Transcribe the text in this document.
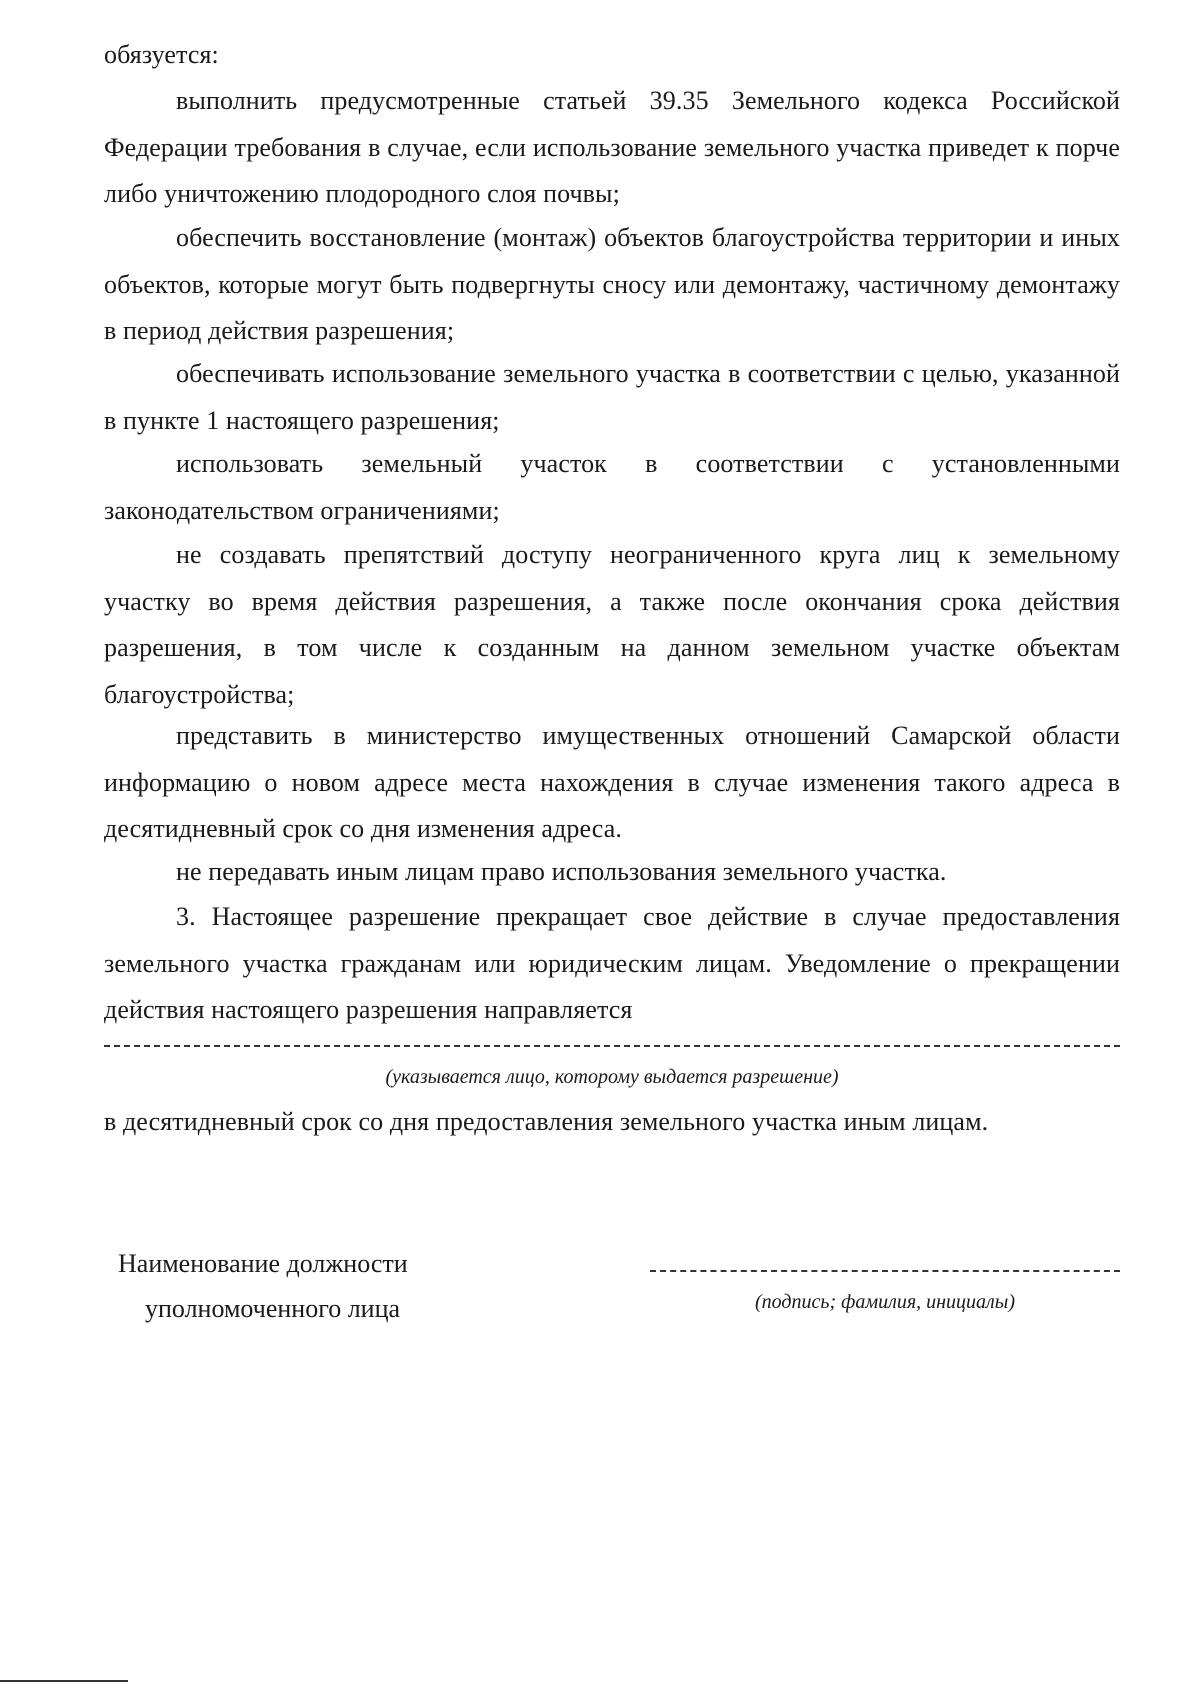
обязуется:

выполнить предусмотренные статьей 39.35 Земельного кодекса Российской Федерации требования в случае, если использование земельного участка приведет к порче либо уничтожению плодородного слоя почвы;

обеспечить восстановление (монтаж) объектов благоустройства территории и иных объектов, которые могут быть подвергнуты сносу или демонтажу, частичному демонтажу в период действия разрешения;

обеспечивать использование земельного участка в соответствии с целью, указанной в пункте 1 настоящего разрешения;

использовать земельный участок в соответствии с установленными законодательством ограничениями;

не создавать препятствий доступу неограниченного круга лиц к земельному участку во время действия разрешения, а также после окончания срока действия разрешения, в том числе к созданным на данном земельном участке объектам благоустройства;

представить в министерство имущественных отношений Самарской области информацию о новом адресе места нахождения в случае изменения такого адреса в десятидневный срок со дня изменения адреса.

не передавать иным лицам право использования земельного участка.

3. Настоящее разрешение прекращает свое действие в случае предоставления земельного участка гражданам или юридическим лицам. Уведомление о прекращении действия настоящего разрешения направляется

(указывается лицо, которому выдается разрешение)

в десятидневный срок со дня предоставления земельного участка иным лицам.

Наименование должности

уполномоченного лица	(подпись; фамилия, инициалы)
